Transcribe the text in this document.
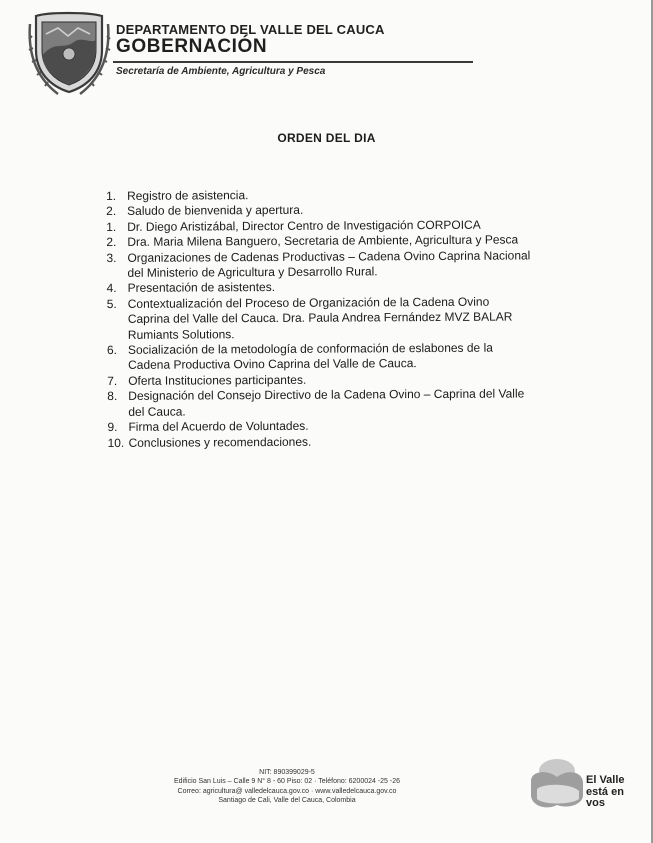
DEPARTAMENTO DEL VALLE DEL CAUCA
GOBERNACIÓN
Secretaría de Ambiente, Agricultura y Pesca
ORDEN DEL DIA
1. Registro de asistencia.
2. Saludo de bienvenida y apertura.
1. Dr. Diego Aristizábal, Director Centro de Investigación CORPOICA
2. Dra. Maria Milena Banguero, Secretaria de Ambiente, Agricultura y Pesca
3. Organizaciones de Cadenas Productivas – Cadena Ovino Caprina Nacional
del Ministerio de Agricultura y Desarrollo Rural.
4. Presentación de asistentes.
5. Contextualización del Proceso de Organización de la Cadena Ovino
Caprina del Valle del Cauca. Dra. Paula Andrea Fernández MVZ BALAR
Rumiants Solutions.
6. Socialización de la metodología de conformación de eslabones de la
Cadena Productiva Ovino Caprina del Valle de Cauca.
7. Oferta Instituciones participantes.
8. Designación del Consejo Directivo de la Cadena Ovino – Caprina del Valle
del Cauca.
9. Firma del Acuerdo de Voluntades.
10. Conclusiones y recomendaciones.
NIT: 890399029-5
Edificio San Luis – Calle 9 N° 8 - 60 Piso: 02 · Teléfono: 6200024 -25 -26
Correo: agricultura@ valledelcauca.gov.co · www.valledelcauca.gov.co
Santiago de Cali, Valle del Cauca, Colombia
El Valle
está en
vos
